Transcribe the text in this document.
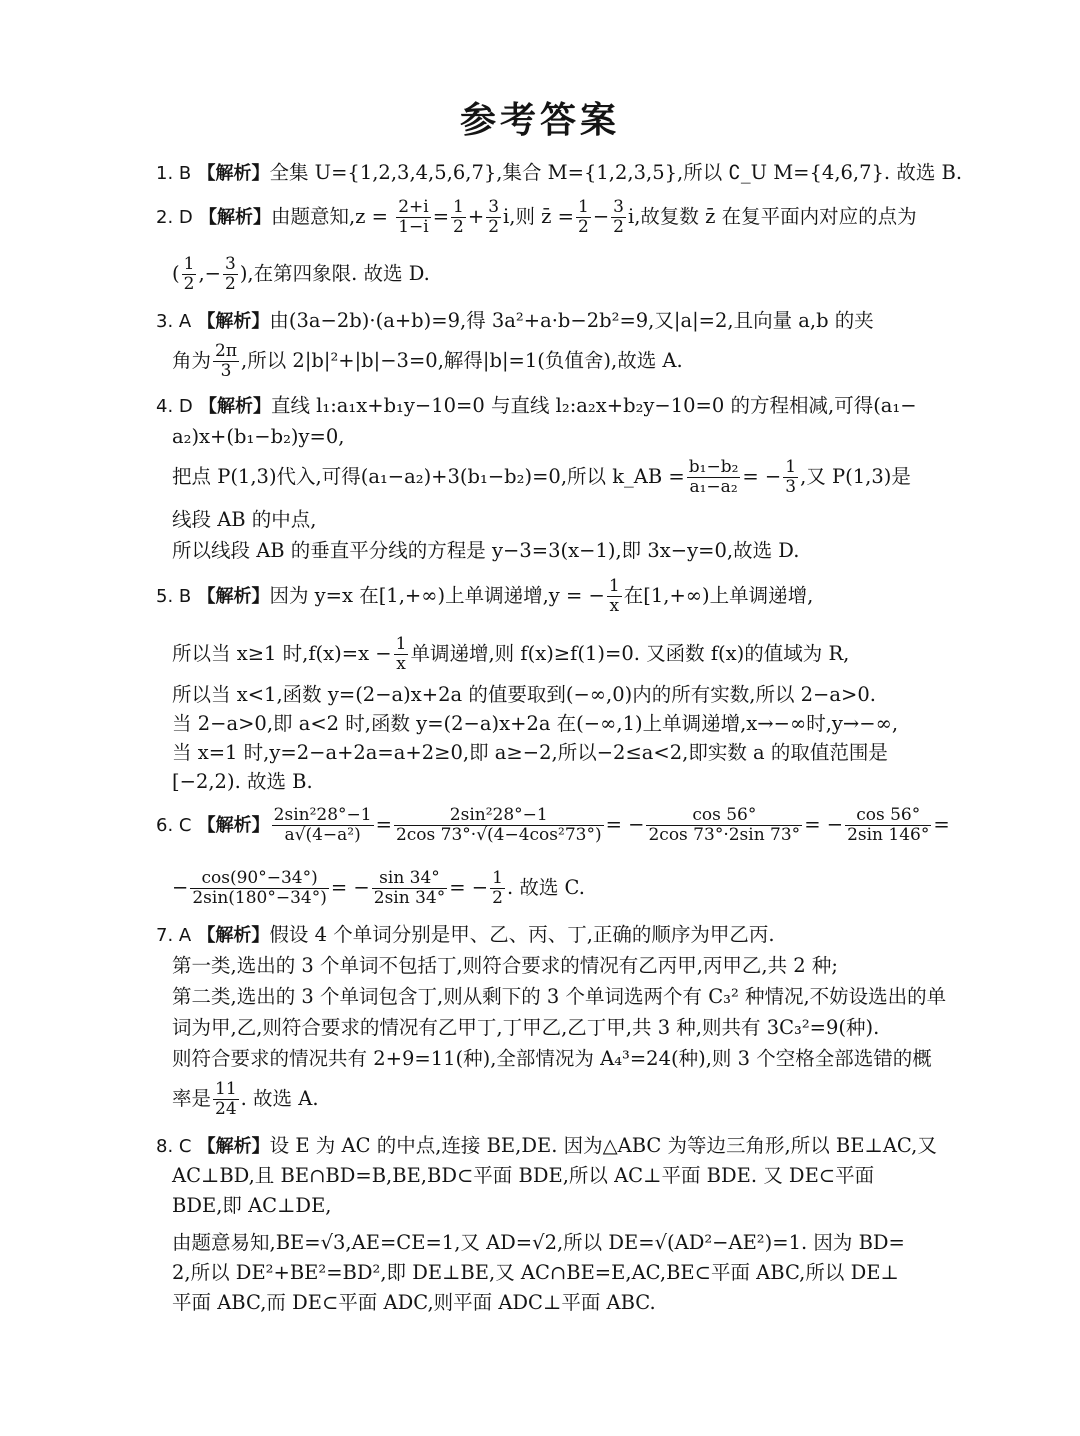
参考答案
1. B 【解析】全集 U={1,2,3,4,5,6,7},集合 M={1,2,3,5},所以 ∁_U M={4,6,7}. 故选 B.
2. D 【解析】由题意知$,z = \frac{2+i}{1-i} = \frac{1}{2} + \frac{3}{2} i$,则 z̄ = $\frac{1}{2} - \frac{3}{2} i$,故复数 z̄ 在复平面内对应的点为
( $\frac{1}{2}$ ,− $\frac{3}{2}$ ),在第四象限. 故选 D.
3. A 【解析】由(3a−2b)·(a+b)=9,得 3a²+a·b−2b²=9,又|a|=2,且向量 a,b 的夹
角为 $\frac{2\pi}{3}$ ,所以 2|b|²+|b|−3=0,解得|b|=1(负值舍),故选 A.
4. D 【解析】直线 l₁:a₁x+b₁y−10=0 与直线 l₂:a₂x+b₂y−10=0 的方程相减,可得(a₁−
a₂)x+(b₁−b₂)y=0,
把点 P(1,3)代入,可得(a₁−a₂)+3(b₁−b₂)=0,所以 k_AB = $\frac{\text{b₁−b₂}}{\text{a₁−a₂}}$ = − $\frac{1}{3}$ ,又 P(1,3)是
线段 AB 的中点,
所以线段 AB 的垂直平分线的方程是 y−3=3(x−1),即 3x−y=0,故选 D.
5. B 【解析】因为 y=x 在[1,+∞)上单调递增,y = − $\frac{1}{x}$ 在[1,+∞)上单调递增,
所以当 x≥1 时$,f(x)=x - \frac{1}{x}$ 单调递增,则 f(x)≥f(1)=0. 又函数 f(x)的值域为 R,
所以当 x<1,函数 y=(2−a)x+2a 的值要取到(−∞,0)内的所有实数,所以 2−a>0.
当 2−a>0,即 a<2 时,函数 y=(2−a)x+2a 在(−∞,1)上单调递增,x→−∞时,y→−∞,
当 x=1 时,y=2−a+2a=a+2≥0,即 a≥−2,所以−2≤a<2,即实数 a 的取值范围是
[−2,2). 故选 B.
6. C 【解析】 $\frac{\text{2sin²28°−1}}{\text{a√(4−a²)}} = \frac{\text{2sin²28°−1}}{\text{2cos 73°·√(4−4cos²73°)}}$ = − $\frac{\cos 56^\circ}{2\cos 73^\circ\cdot 2\sin 73^\circ}$ = − $\frac{\cos 56^\circ}{2\sin 146^\circ}$ =
− $\frac{\cos(90^\circ-34^\circ)}{2\sin(180^\circ-34^\circ)}$ = − $\frac{\sin 34^\circ}{2\sin 34^\circ}$ = − $\frac{1}{2}$ . 故选 C.
7. A 【解析】假设 4 个单词分别是甲、乙、丙、丁,正确的顺序为甲乙丙.
第一类,选出的 3 个单词不包括丁,则符合要求的情况有乙丙甲,丙甲乙,共 2 种;
第二类,选出的 3 个单词包含丁,则从剩下的 3 个单词选两个有 C₃² 种情况,不妨设选出的单
词为甲,乙,则符合要求的情况有乙甲丁,丁甲乙,乙丁甲,共 3 种,则共有 3C₃²=9(种).
则符合要求的情况共有 2+9=11(种),全部情况为 A₄³=24(种),则 3 个空格全部选错的概
率是 $\frac{11}{24}$ . 故选 A.
8. C 【解析】设 E 为 AC 的中点,连接 BE,DE. 因为△ABC 为等边三角形,所以 BE⊥AC,又
AC⊥BD,且 BE∩BD=B,BE,BD⊂平面 BDE,所以 AC⊥平面 BDE. 又 DE⊂平面
BDE,即 AC⊥DE,
由题意易知,BE=√3,AE=CE=1,又 AD=√2,所以 DE=√(AD²−AE²)=1. 因为 BD=
2,所以 DE²+BE²=BD²,即 DE⊥BE,又 AC∩BE=E,AC,BE⊂平面 ABC,所以 DE⊥
平面 ABC,而 DE⊂平面 ADC,则平面 ADC⊥平面 ABC.
